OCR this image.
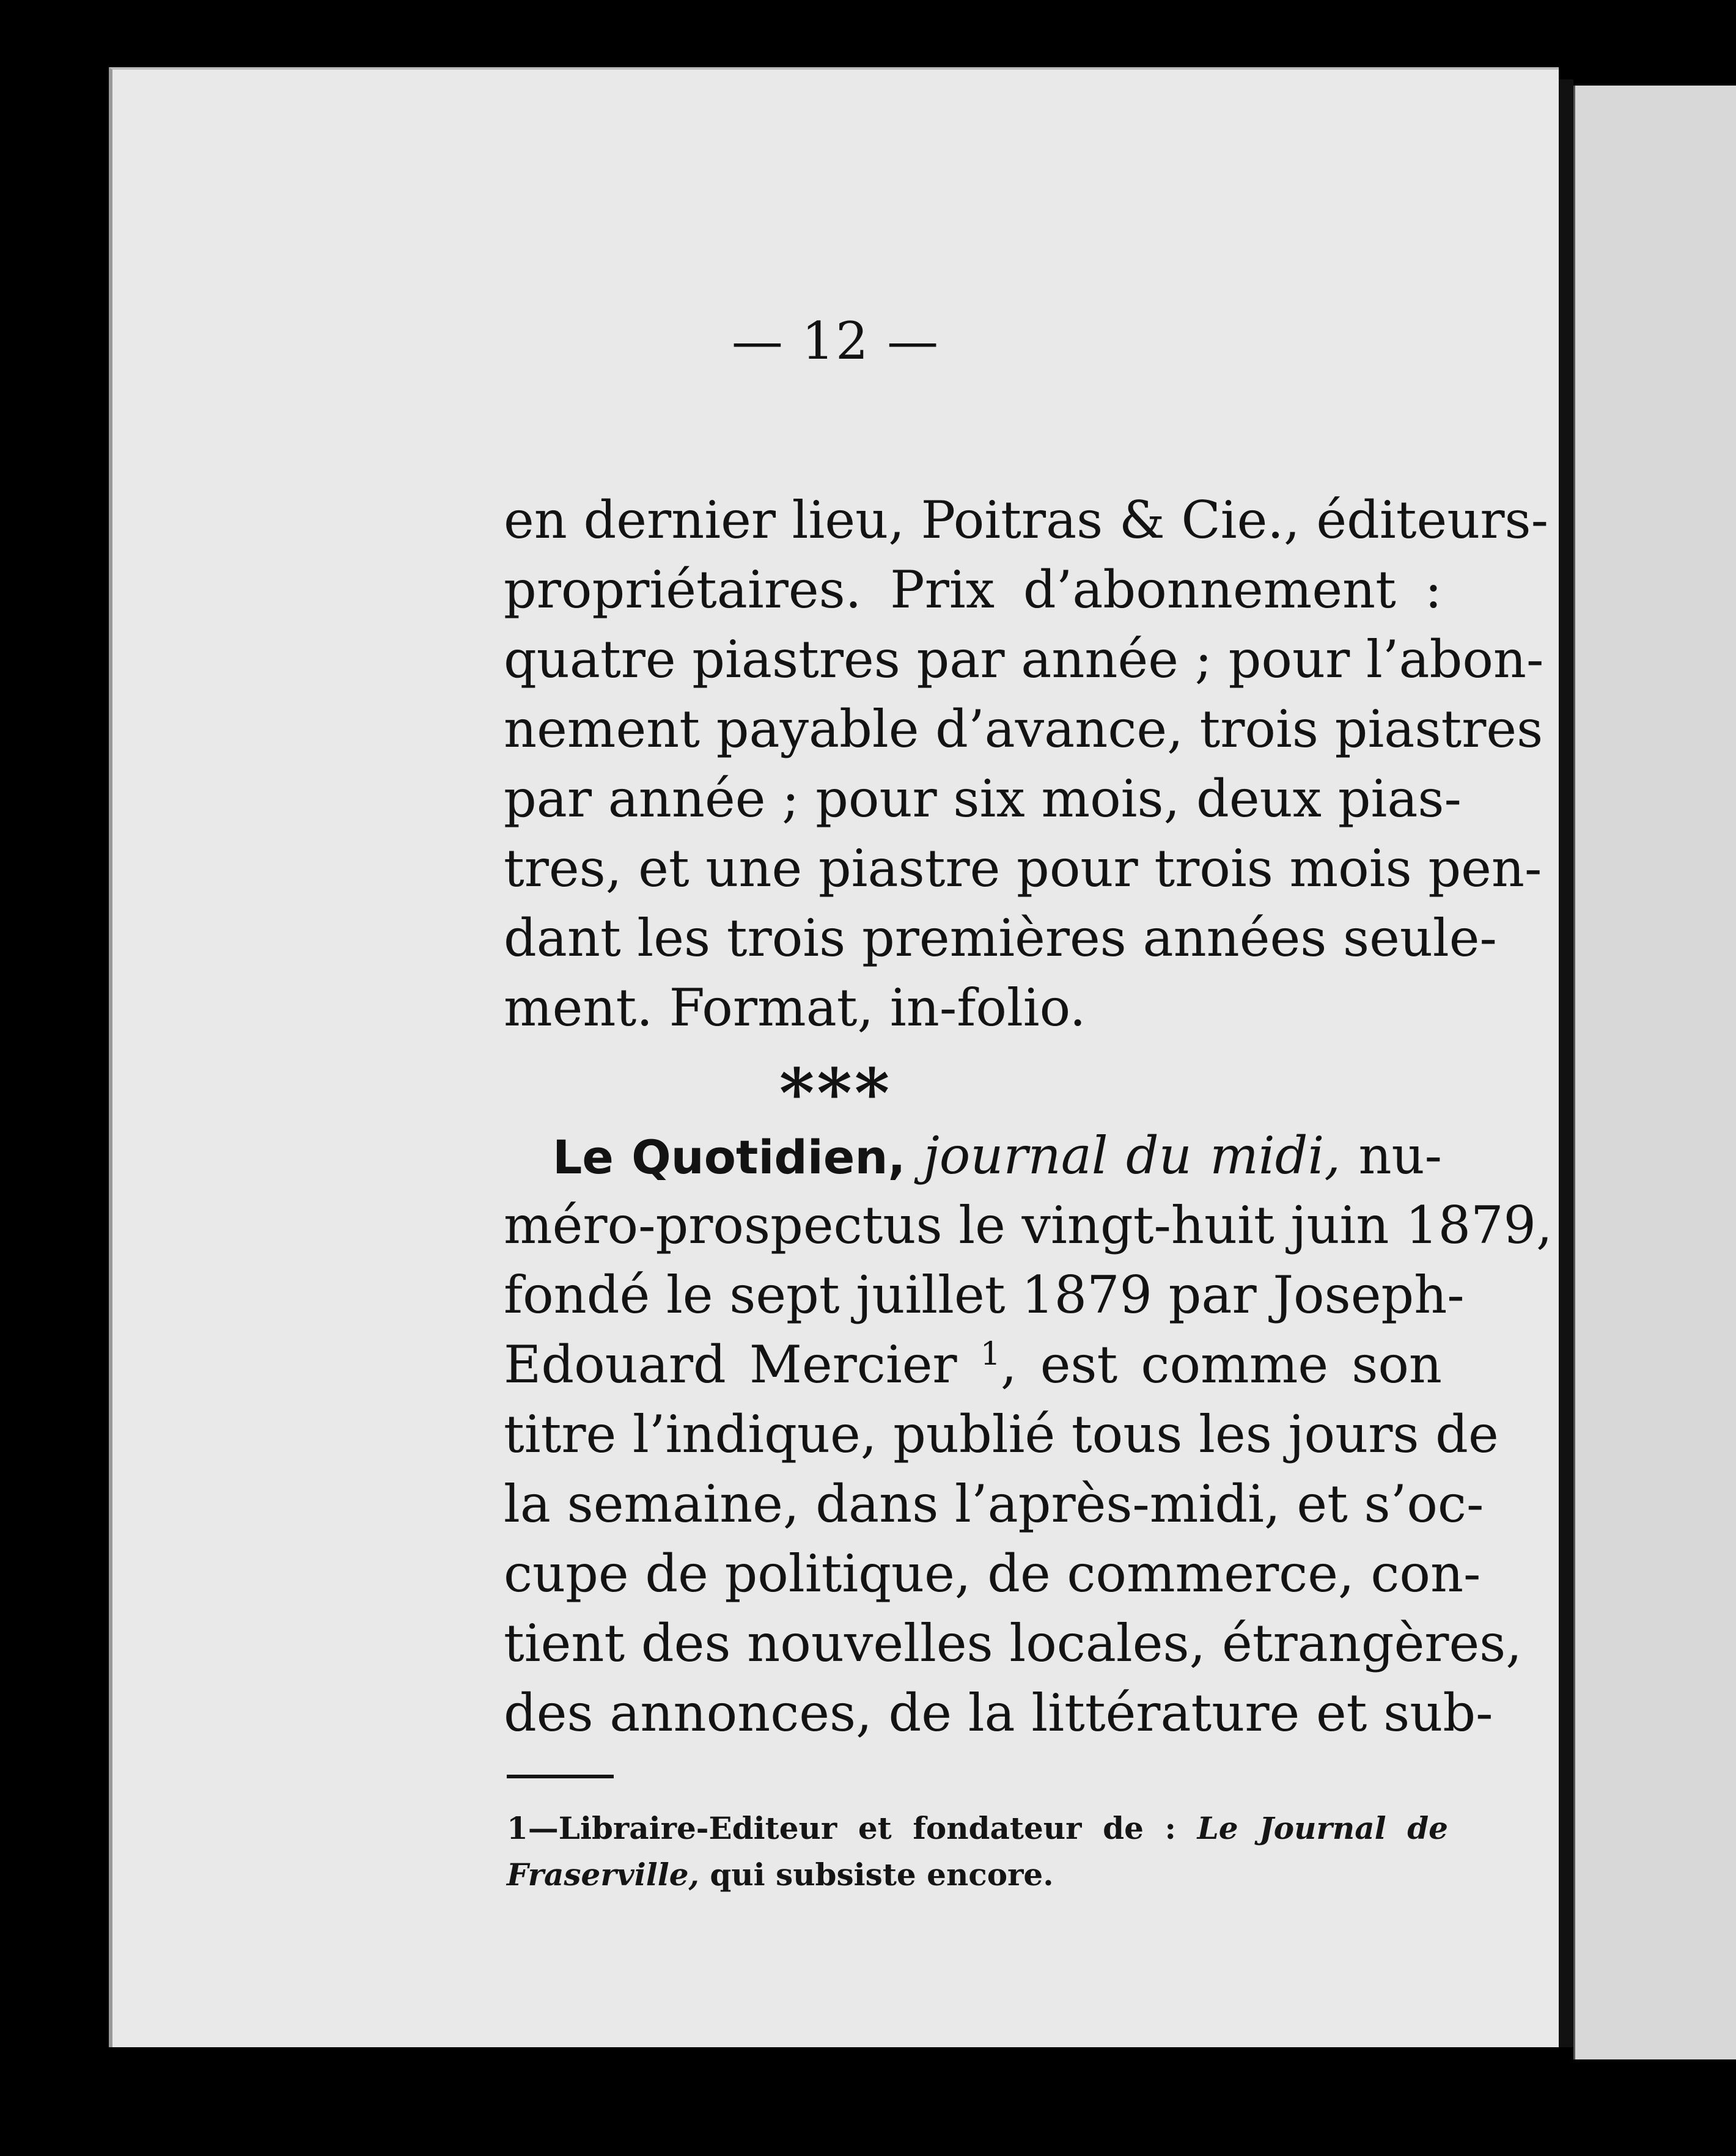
— 12 —
en dernier lieu, Poitras & Cie., éditeurs-
propriétaires. Prix d’abonnement :
quatre piastres par année ; pour l’abon-
nement payable d’avance, trois piastres
par année ; pour six mois, deux pias-
tres, et une piastre pour trois mois pen-
dant les trois premières années seule-
ment. Format, in-folio.
***
Le Quotidien, journal du midi, nu-
méro-prospectus le vingt-huit juin 1879,
fondé le sept juillet 1879 par Joseph-
Edouard Mercier $^1$, est comme son
titre l’indique, publié tous les jours de
la semaine, dans l’après-midi, et s’oc-
cupe de politique, de commerce, con-
tient des nouvelles locales, étrangères,
des annonces, de la littérature et sub-
1—Libraire-Editeur et fondateur de : Le Journal de
Fraserville, qui subsiste encore.
